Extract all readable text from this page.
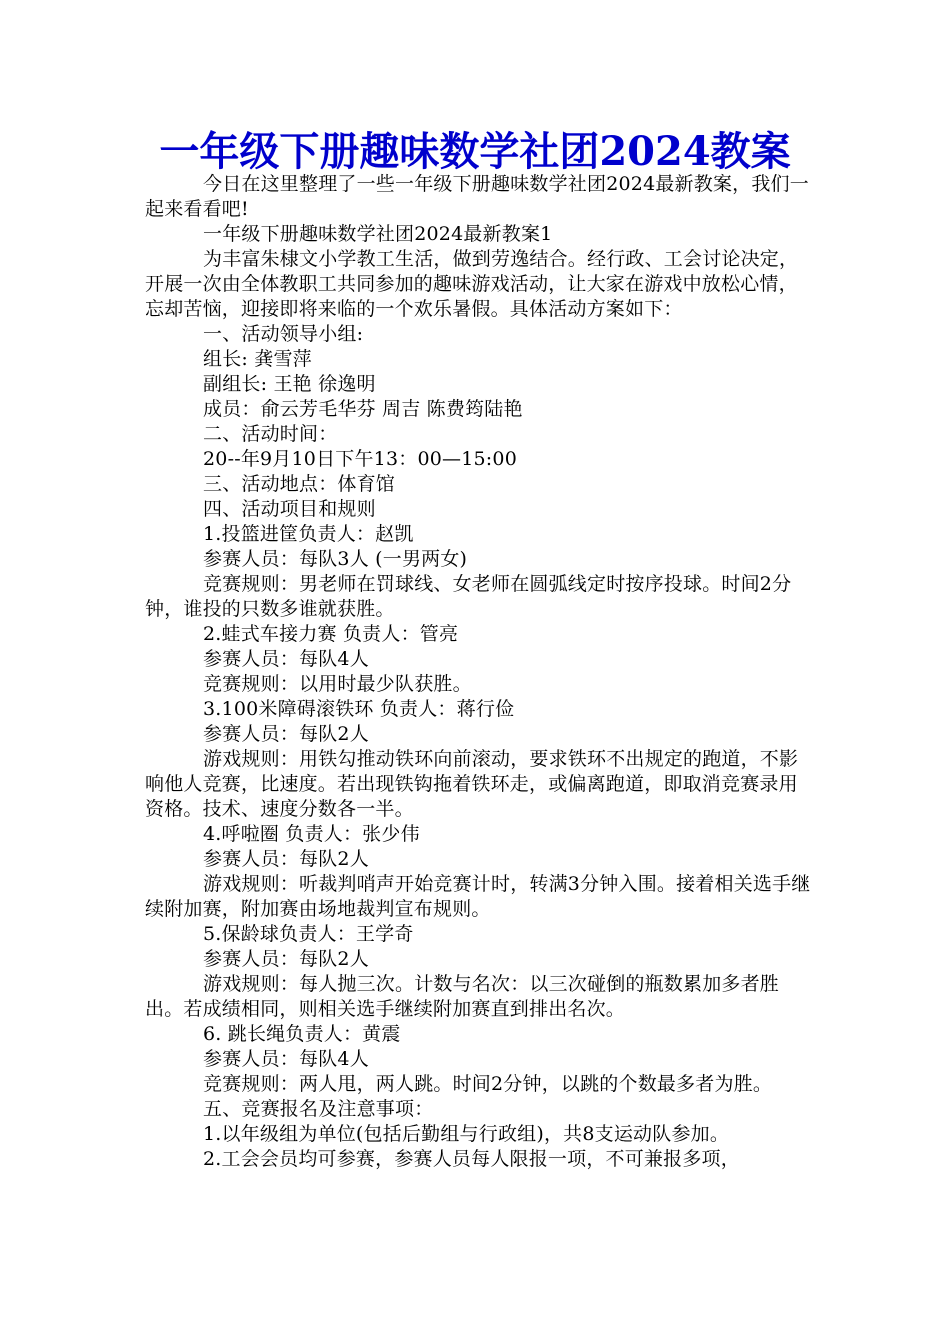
一年级下册趣味数学社团2024教案

今日在这里整理了一些一年级下册趣味数学社团2024最新教案，我们一起来看看吧!

一年级下册趣味数学社团2024最新教案1

为丰富朱棣文小学教工生活，做到劳逸结合。经行政、工会讨论决定，开展一次由全体教职工共同参加的趣味游戏活动，让大家在游戏中放松心情，忘却苦恼，迎接即将来临的一个欢乐暑假。具体活动方案如下：

一、活动领导小组:

组长: 龚雪萍

副组长: 王艳 徐逸明

成员：俞云芳毛华芬 周吉 陈费筠陆艳

二、活动时间：

20--年9月10日下午13：00—15:00

三、活动地点：体育馆

四、活动项目和规则

1.投篮进筐负责人：赵凯

参赛人员：每队3人 (一男两女)

竞赛规则：男老师在罚球线、女老师在圆弧线定时按序投球。时间2分钟，谁投的只数多谁就获胜。

2.蛙式车接力赛 负责人：管亮

参赛人员：每队4人

竞赛规则：以用时最少队获胜。

3.100米障碍滚铁环 负责人：蒋行俭

参赛人员：每队2人

游戏规则：用铁勾推动铁环向前滚动，要求铁环不出规定的跑道，不影响他人竞赛，比速度。若出现铁钩拖着铁环走，或偏离跑道，即取消竞赛录用资格。技术、速度分数各一半。

4.呼啦圈 负责人：张少伟

参赛人员：每队2人

游戏规则：听裁判哨声开始竞赛计时，转满3分钟入围。接着相关选手继续附加赛，附加赛由场地裁判宣布规则。

5.保龄球负责人：王学奇

参赛人员：每队2人

游戏规则：每人抛三次。计数与名次：以三次碰倒的瓶数累加多者胜出。若成绩相同，则相关选手继续附加赛直到排出名次。

6. 跳长绳负责人：黄震

参赛人员：每队4人

竞赛规则：两人甩，两人跳。时间2分钟，以跳的个数最多者为胜。

五、竞赛报名及注意事项：

1.以年级组为单位(包括后勤组与行政组)，共8支运动队参加。

2.工会会员均可参赛，参赛人员每人限报一项，不可兼报多项，
